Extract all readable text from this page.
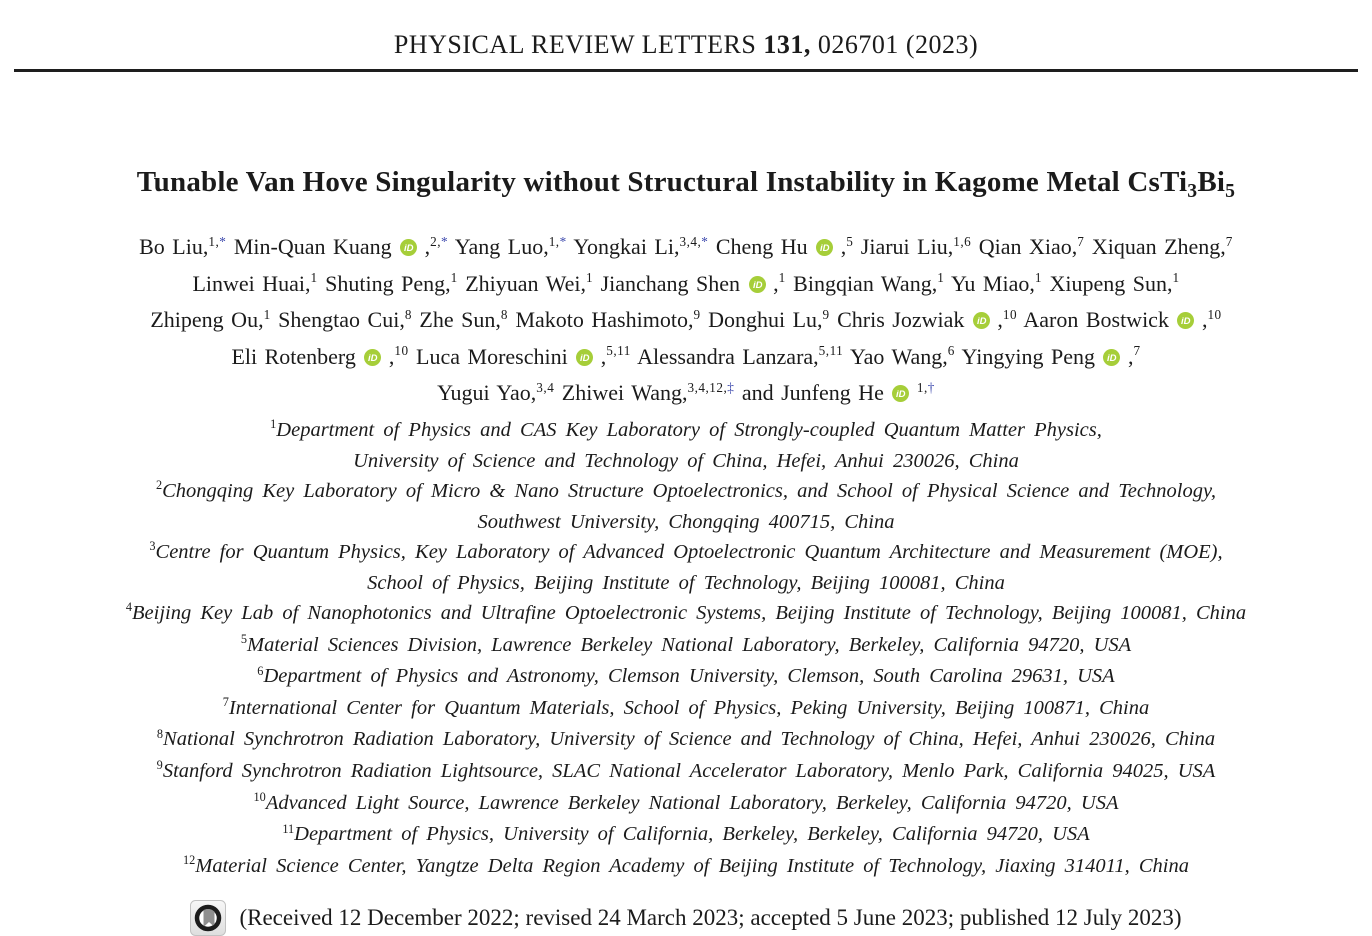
PHYSICAL REVIEW LETTERS 131, 026701 (2023)
Tunable Van Hove Singularity without Structural Instability in Kagome Metal CsTi3Bi5
Bo Liu,$^{1,*}$ Min-Quan Kuang iD ,$^{2,*}$ Yang Luo,$^{1,*}$ Yongkai Li,$^{3,4,*}$ Cheng Hu iD ,$^5$ Jiarui Liu,$^{1,6}$ Qian Xiao,$^7$ Xiquan Zheng,$^7$
Linwei Huai,$^1$ Shuting Peng,$^1$ Zhiyuan Wei,$^1$ Jianchang Shen iD ,$^1$ Bingqian Wang,$^1$ Yu Miao,$^1$ Xiupeng Sun,$^1$
Zhipeng Ou,$^1$ Shengtao Cui,$^8$ Zhe Sun,$^8$ Makoto Hashimoto,$^9$ Donghui Lu,$^9$ Chris Jozwiak iD ,$^{10}$ Aaron Bostwick iD ,$^{10}$
Eli Rotenberg iD ,$^{10}$ Luca Moreschini iD ,$^{5,11}$ Alessandra Lanzara,$^{5,11}$ Yao Wang,$^6$ Yingying Peng iD ,$^7$
Yugui Yao,$^{3,4}$ Zhiwei Wang,$^{3,4,12,\ddagger}$ and Junfeng He iD $^{1,\dagger}$
$^1$Department of Physics and CAS Key Laboratory of Strongly-coupled Quantum Matter Physics,
University of Science and Technology of China, Hefei, Anhui 230026, China
$^2$Chongqing Key Laboratory of Micro & Nano Structure Optoelectronics, and School of Physical Science and Technology,
Southwest University, Chongqing 400715, China
$^3$Centre for Quantum Physics, Key Laboratory of Advanced Optoelectronic Quantum Architecture and Measurement (MOE),
School of Physics, Beijing Institute of Technology, Beijing 100081, China
$^4$Beijing Key Lab of Nanophotonics and Ultrafine Optoelectronic Systems, Beijing Institute of Technology, Beijing 100081, China
$^5$Material Sciences Division, Lawrence Berkeley National Laboratory, Berkeley, California 94720, USA
$^6$Department of Physics and Astronomy, Clemson University, Clemson, South Carolina 29631, USA
$^7$International Center for Quantum Materials, School of Physics, Peking University, Beijing 100871, China
$^8$National Synchrotron Radiation Laboratory, University of Science and Technology of China, Hefei, Anhui 230026, China
$^9$Stanford Synchrotron Radiation Lightsource, SLAC National Accelerator Laboratory, Menlo Park, California 94025, USA
$^{10}$Advanced Light Source, Lawrence Berkeley National Laboratory, Berkeley, California 94720, USA
$^{11}$Department of Physics, University of California, Berkeley, Berkeley, California 94720, USA
$^{12}$Material Science Center, Yangtze Delta Region Academy of Beijing Institute of Technology, Jiaxing 314011, China
(Received 12 December 2022; revised 24 March 2023; accepted 5 June 2023; published 12 July 2023)
